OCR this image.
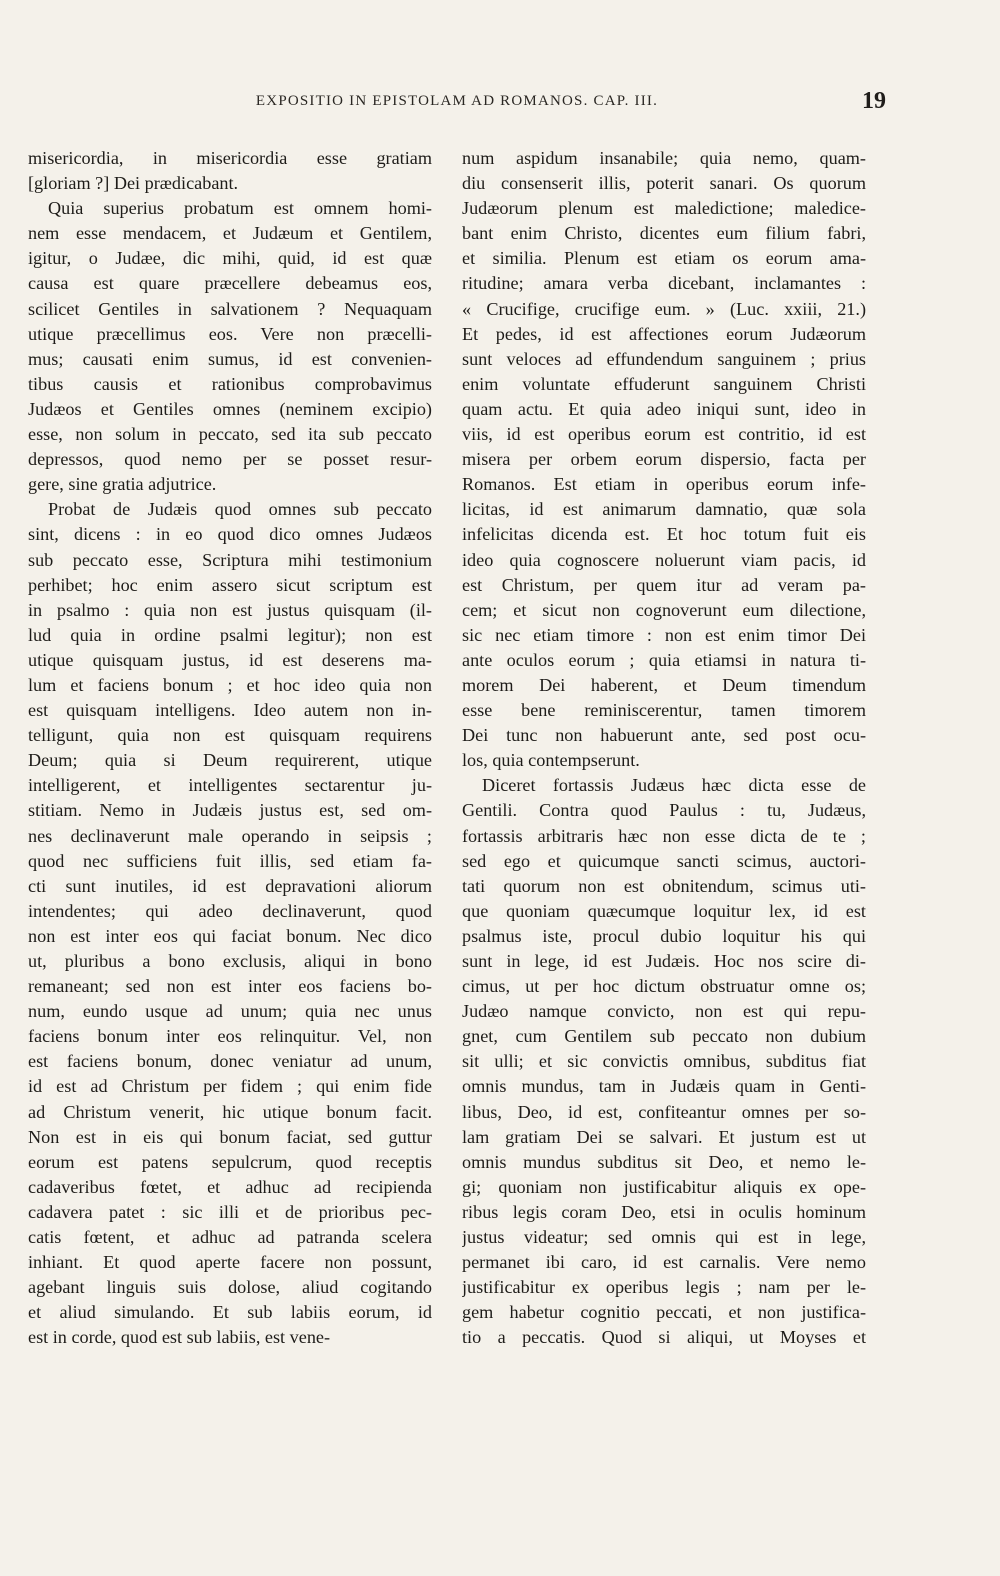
EXPOSITIO IN EPISTOLAM AD ROMANOS. CAP. III.	19
misericordia, in misericordia esse gratiam
[gloriam ?] Dei prædicabant.
Quia superius probatum est omnem homi-
nem esse mendacem, et Judæum et Gentilem,
igitur, o Judæe, dic mihi, quid, id est quæ
causa est quare præcellere debeamus eos,
scilicet Gentiles in salvationem ? Nequaquam
utique præcellimus eos. Vere non præcelli-
mus; causati enim sumus, id est convenien-
tibus causis et rationibus comprobavimus
Judæos et Gentiles omnes (neminem excipio)
esse, non solum in peccato, sed ita sub peccato
depressos, quod nemo per se posset resur-
gere, sine gratia adjutrice.
Probat de Judæis quod omnes sub peccato
sint, dicens : in eo quod dico omnes Judæos
sub peccato esse, Scriptura mihi testimonium
perhibet; hoc enim assero sicut scriptum est
in psalmo : quia non est justus quisquam (il-
lud quia in ordine psalmi legitur); non est
utique quisquam justus, id est deserens ma-
lum et faciens bonum ; et hoc ideo quia non
est quisquam intelligens. Ideo autem non in-
telligunt, quia non est quisquam requirens
Deum; quia si Deum requirerent, utique
intelligerent, et intelligentes sectarentur ju-
stitiam. Nemo in Judæis justus est, sed om-
nes declinaverunt male operando in seipsis ;
quod nec sufficiens fuit illis, sed etiam fa-
cti sunt inutiles, id est depravationi aliorum
intendentes; qui adeo declinaverunt, quod
non est inter eos qui faciat bonum. Nec dico
ut, pluribus a bono exclusis, aliqui in bono
remaneant; sed non est inter eos faciens bo-
num, eundo usque ad unum; quia nec unus
faciens bonum inter eos relinquitur. Vel, non
est faciens bonum, donec veniatur ad unum,
id est ad Christum per fidem ; qui enim fide
ad Christum venerit, hic utique bonum facit.
Non est in eis qui bonum faciat, sed guttur
eorum est patens sepulcrum, quod receptis
cadaveribus fœtet, et adhuc ad recipienda
cadavera patet : sic illi et de prioribus pec-
catis fœtent, et adhuc ad patranda scelera
inhiant. Et quod aperte facere non possunt,
agebant linguis suis dolose, aliud cogitando
et aliud simulando. Et sub labiis eorum, id
est in corde, quod est sub labiis, est vene-
num aspidum insanabile; quia nemo, quam-
diu consenserit illis, poterit sanari. Os quorum
Judæorum plenum est maledictione; maledice-
bant enim Christo, dicentes eum filium fabri,
et similia. Plenum est etiam os eorum ama-
ritudine; amara verba dicebant, inclamantes :
« Crucifige, crucifige eum. » (Luc. xxiii, 21.)
Et pedes, id est affectiones eorum Judæorum
sunt veloces ad effundendum sanguinem ; prius
enim voluntate effuderunt sanguinem Christi
quam actu. Et quia adeo iniqui sunt, ideo in
viis, id est operibus eorum est contritio, id est
misera per orbem eorum dispersio, facta per
Romanos. Est etiam in operibus eorum infe-
licitas, id est animarum damnatio, quæ sola
infelicitas dicenda est. Et hoc totum fuit eis
ideo quia cognoscere noluerunt viam pacis, id
est Christum, per quem itur ad veram pa-
cem; et sicut non cognoverunt eum dilectione,
sic nec etiam timore : non est enim timor Dei
ante oculos eorum ; quia etiamsi in natura ti-
morem Dei haberent, et Deum timendum
esse bene reminiscerentur, tamen timorem
Dei tunc non habuerunt ante, sed post ocu-
los, quia contempserunt.
Diceret fortassis Judæus hæc dicta esse de
Gentili. Contra quod Paulus : tu, Judæus,
fortassis arbitraris hæc non esse dicta de te ;
sed ego et quicumque sancti scimus, auctori-
tati quorum non est obnitendum, scimus uti-
que quoniam quæcumque loquitur lex, id est
psalmus iste, procul dubio loquitur his qui
sunt in lege, id est Judæis. Hoc nos scire di-
cimus, ut per hoc dictum obstruatur omne os;
Judæo namque convicto, non est qui repu-
gnet, cum Gentilem sub peccato non dubium
sit ulli; et sic convictis omnibus, subditus fiat
omnis mundus, tam in Judæis quam in Genti-
libus, Deo, id est, confiteantur omnes per so-
lam gratiam Dei se salvari. Et justum est ut
omnis mundus subditus sit Deo, et nemo le-
gi; quoniam non justificabitur aliquis ex ope-
ribus legis coram Deo, etsi in oculis hominum
justus videatur; sed omnis qui est in lege,
permanet ibi caro, id est carnalis. Vere nemo
justificabitur ex operibus legis ; nam per le-
gem habetur cognitio peccati, et non justifica-
tio a peccatis. Quod si aliqui, ut Moyses et
